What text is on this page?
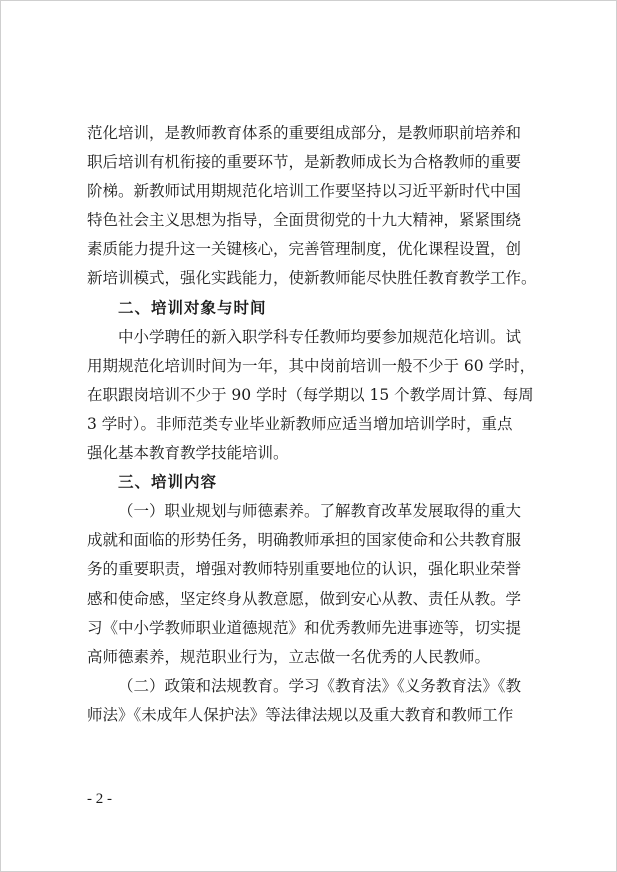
范化培训，是教师教育体系的重要组成部分，是教师职前培养和

职后培训有机衔接的重要环节，是新教师成长为合格教师的重要

阶梯。新教师试用期规范化培训工作要坚持以习近平新时代中国

特色社会主义思想为指导，全面贯彻党的十九大精神，紧紧围绕

素质能力提升这一关键核心，完善管理制度，优化课程设置，创

新培训模式，强化实践能力，使新教师能尽快胜任教育教学工作。

二、培训对象与时间

中小学聘任的新入职学科专任教师均要参加规范化培训。试

用期规范化培训时间为一年，其中岗前培训一般不少于 60 学时，

在职跟岗培训不少于 90 学时（每学期以 15 个教学周计算、每周

3 学时）。非师范类专业毕业新教师应适当增加培训学时，重点

强化基本教育教学技能培训。

三、培训内容

（一）职业规划与师德素养。了解教育改革发展取得的重大

成就和面临的形势任务，明确教师承担的国家使命和公共教育服

务的重要职责，增强对教师特别重要地位的认识，强化职业荣誉

感和使命感，坚定终身从教意愿，做到安心从教、责任从教。学

习《中小学教师职业道德规范》和优秀教师先进事迹等，切实提

高师德素养，规范职业行为，立志做一名优秀的人民教师。

（二）政策和法规教育。学习《教育法》《义务教育法》《教

师法》《未成年人保护法》等法律法规以及重大教育和教师工作

- 2 -
